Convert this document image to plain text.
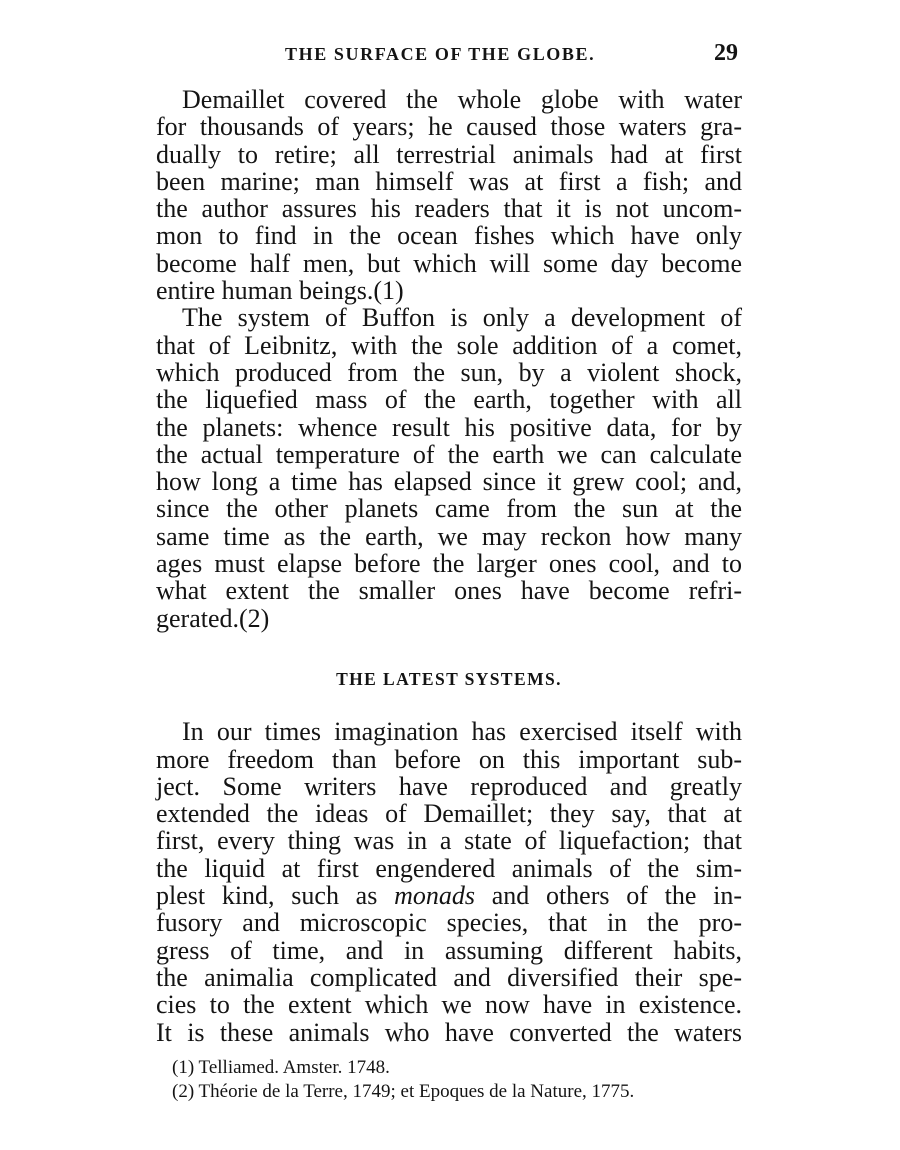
THE SURFACE OF THE GLOBE.	29

Demaillet covered the whole globe with water
for thousands of years; he caused those waters gra-
dually to retire; all terrestrial animals had at first
been marine; man himself was at first a fish; and
the author assures his readers that it is not uncom-
mon to find in the ocean fishes which have only
become half men, but which will some day become
entire human beings.(1)

The system of Buffon is only a development of
that of Leibnitz, with the sole addition of a comet,
which produced from the sun, by a violent shock,
the liquefied mass of the earth, together with all
the planets: whence result his positive data, for by
the actual temperature of the earth we can calculate
how long a time has elapsed since it grew cool; and,
since the other planets came from the sun at the
same time as the earth, we may reckon how many
ages must elapse before the larger ones cool, and to
what extent the smaller ones have become refri-
gerated.(2)

THE LATEST SYSTEMS.

In our times imagination has exercised itself with
more freedom than before on this important sub-
ject. Some writers have reproduced and greatly
extended the ideas of Demaillet; they say, that at
first, every thing was in a state of liquefaction; that
the liquid at first engendered animals of the sim-
plest kind, such as monads and others of the in-
fusory and microscopic species, that in the pro-
gress of time, and in assuming different habits,
the animalia complicated and diversified their spe-
cies to the extent which we now have in existence.
It is these animals who have converted the waters

(1) Telliamed. Amster. 1748.
(2) Théorie de la Terre, 1749; et Epoques de la Nature, 1775.
